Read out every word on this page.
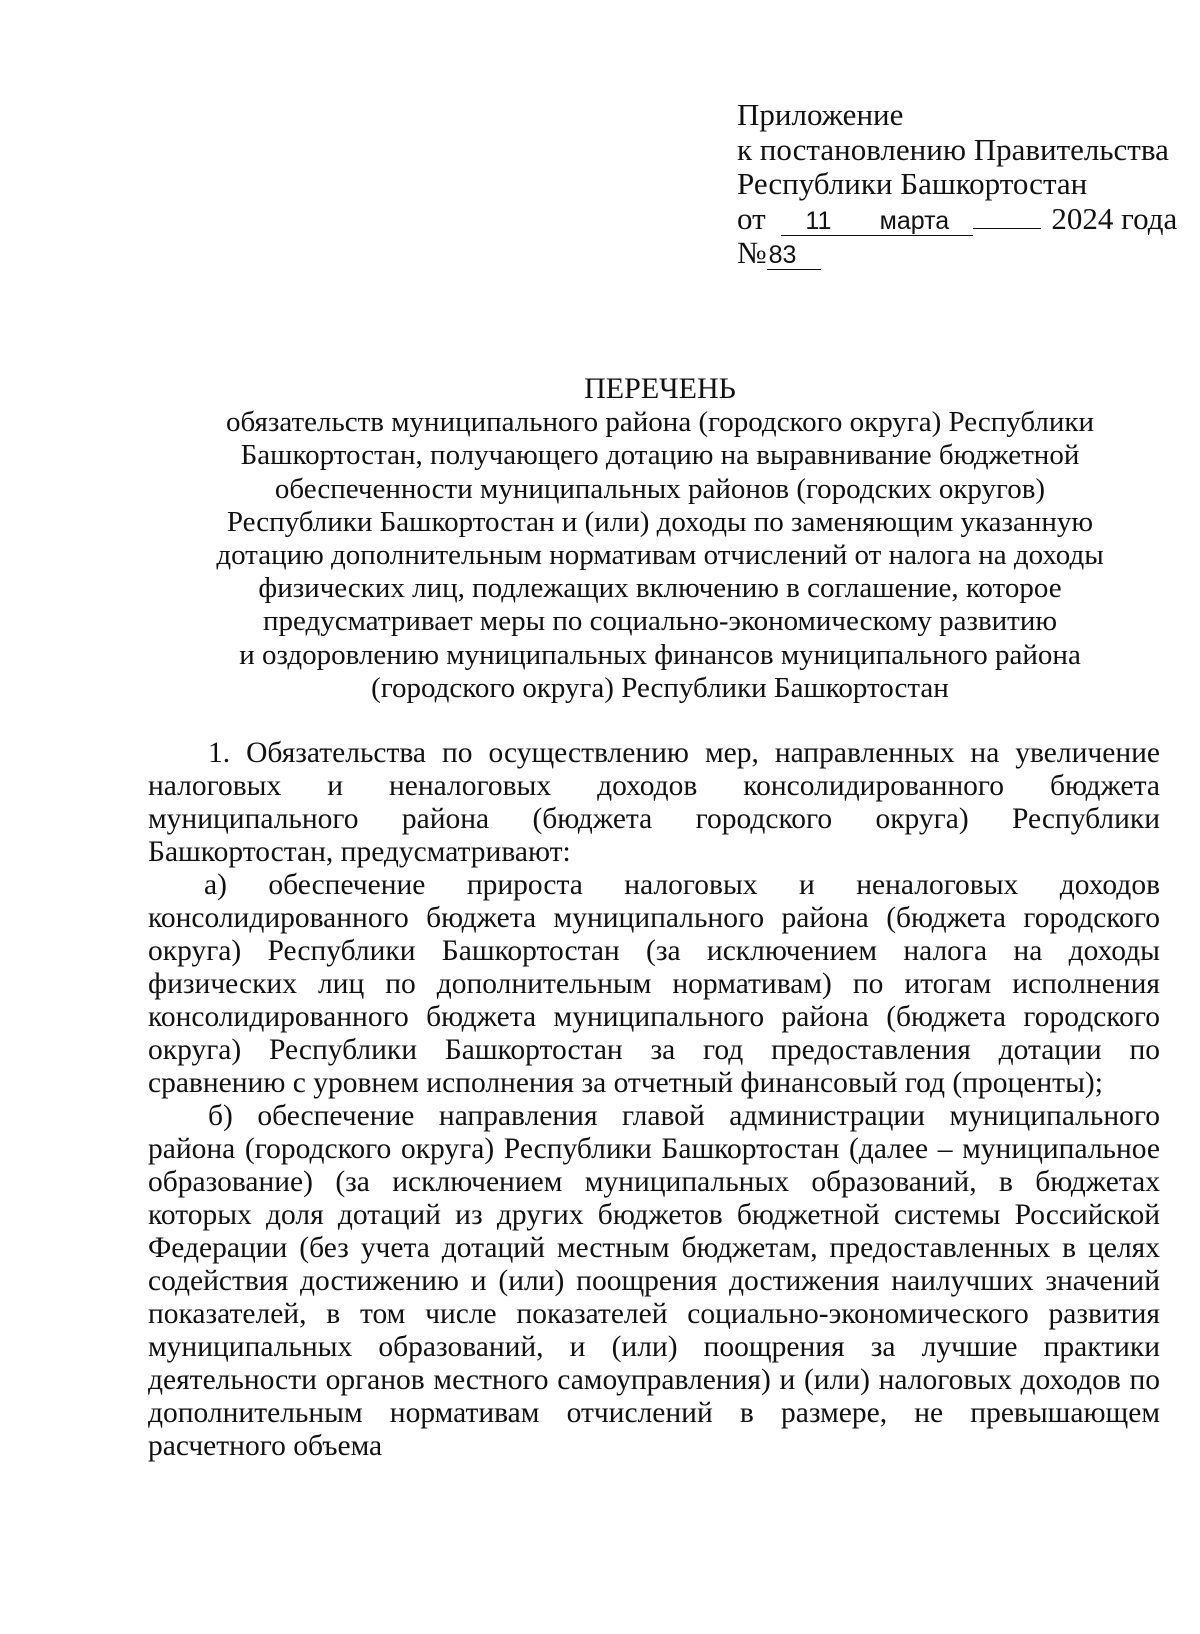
Приложение
к постановлению Правительства
Республики Башкортостан
от 11 марта	2024 года
№83
ПЕРЕЧЕНЬ
обязательств муниципального района (городского округа) Республики
Башкортостан, получающего дотацию на выравнивание бюджетной
обеспеченности муниципальных районов (городских округов)
Республики Башкортостан и (или) доходы по заменяющим указанную
дотацию дополнительным нормативам отчислений от налога на доходы
физических лиц, подлежащих включению в соглашение, которое
предусматривает меры по социально-экономическому развитию
и оздоровлению муниципальных финансов муниципального района
(городского округа) Республики Башкортостан

1. Обязательства по осуществлению мер, направленных на увеличение налоговых и неналоговых доходов консолидированного бюджета муниципального района (бюджета городского округа) Республики Башкортостан, предусматривают:

а) обеспечение прироста налоговых и неналоговых доходов консолидированного бюджета муниципального района (бюджета городского округа) Республики Башкортостан (за исключением налога на доходы физических лиц по дополнительным нормативам) по итогам исполнения консолидированного бюджета муниципального района (бюджета городского округа) Республики Башкортостан за год предоставления дотации по сравнению с уровнем исполнения за отчетный финансовый год (проценты);

б) обеспечение направления главой администрации муниципального района (городского округа) Республики Башкортостан (далее – муниципальное образование) (за исключением муниципальных образований, в бюджетах которых доля дотаций из других бюджетов бюджетной системы Российской Федерации (без учета дотаций местным бюджетам, предоставленных в целях содействия достижению и (или) поощрения достижения наилучших значений показателей, в том числе показателей социально-экономического развития муниципальных образований, и (или) поощрения за лучшие практики деятельности органов местного самоуправления) и (или) налоговых доходов по дополнительным нормативам отчислений в размере, не превышающем расчетного объема
